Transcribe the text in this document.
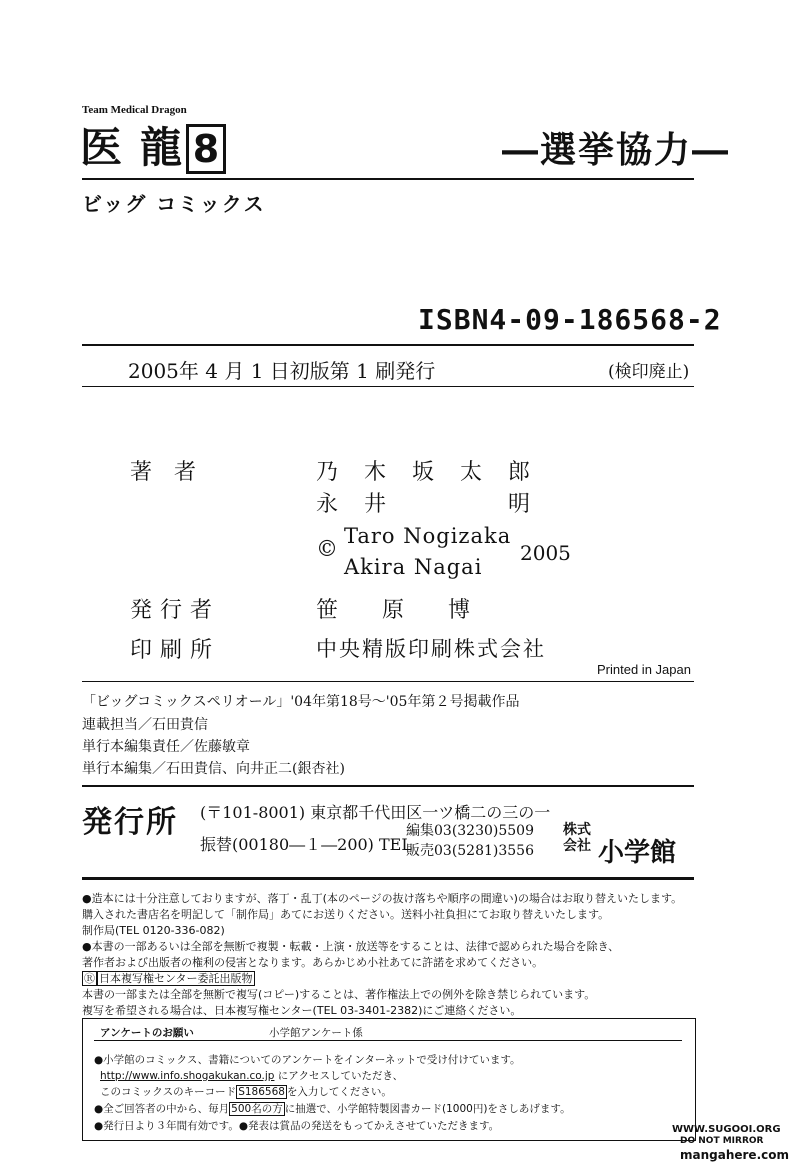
Team Medical Dragon
医龍
8	―選挙協力―
ビッグ コミックス
ISBN4-09-186568-2
2005年 4 月 1 日初版第 1 刷発行	(検印廃止)
著者	乃木坂太郎
永井　　明
©
Taro Nogizaka
Akira Nagai
2005
発行者	笹　　原　　博
印刷所	中央精版印刷株式会社
Printed in Japan
「ビッグコミックスペリオール」'04年第18号～'05年第２号掲載作品
連載担当／石田貴信
単行本編集責任／佐藤敏章
単行本編集／石田貴信、向井正二(銀杏社)
発行所 (〒101-8001) 東京都千代田区一ツ橋二の三の一
振替(00180―１―200) TEL
編集03(3230)5509
販売03(5281)3556
株式
会社 小学館
●造本には十分注意しておりますが、落丁・乱丁(本のページの抜け落ちや順序の間違い)の場合はお取り替えいたします。
購入された書店名を明記して「制作局」あてにお送りください。送料小社負担にてお取り替えいたします。
制作局(TEL 0120-336-082)
●本書の一部あるいは全部を無断で複製・転載・上演・放送等をすることは、法律で認められた場合を除き、
著作者および出版者の権利の侵害となります。あらかじめ小社あてに許諾を求めてください。
Ⓡ 日本複写権センター委託出版物
本書の一部または全部を無断で複写(コピー)することは、著作権法上での例外を除き禁じられています。
複写を希望される場合は、日本複写権センター(TEL 03-3401-2382)にご連絡ください。
アンケートのお願い	小学館アンケート係
●小学館のコミックス、書籍についてのアンケートをインターネットで受け付けています。
http://www.info.shogakukan.co.jp にアクセスしていただき、
このコミックスのキーコード S186568 を入力してください。
●全ご回答者の中から、毎月 500名の方 に抽選で、小学館特製図書カード(1000円)をさしあげます。
●発行日より３年間有効です。●発表は賞品の発送をもってかえさせていただきます。	WWW.SUGOOI.ORG
DO NOT MIRROR
mangahere.com
